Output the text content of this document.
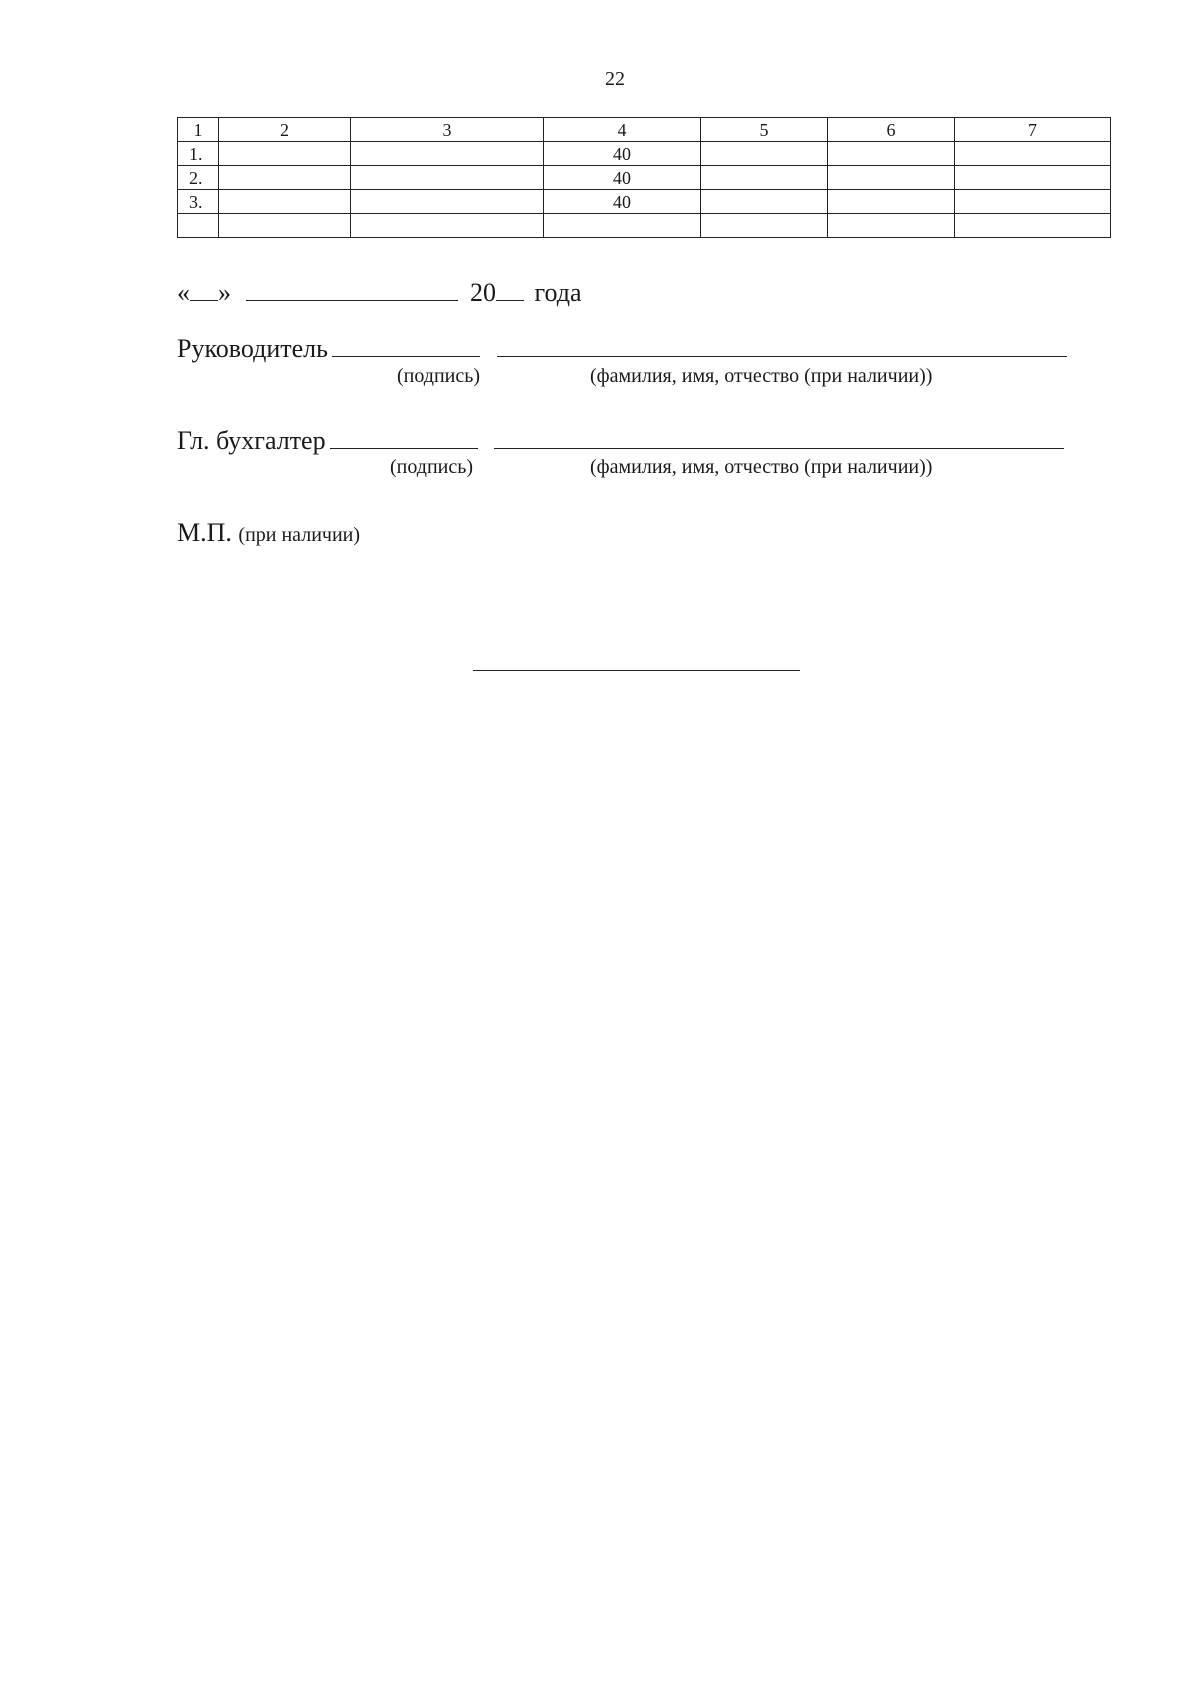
22
1	2	3	4	5	6	7
1.			40			
2.			40			
3.			40			

« »	20 года
Руководитель
(подпись)	(фамилия, имя, отчество (при наличии))
Гл. бухгалтер
(подпись)	(фамилия, имя, отчество (при наличии))
М.П. (при наличии)
